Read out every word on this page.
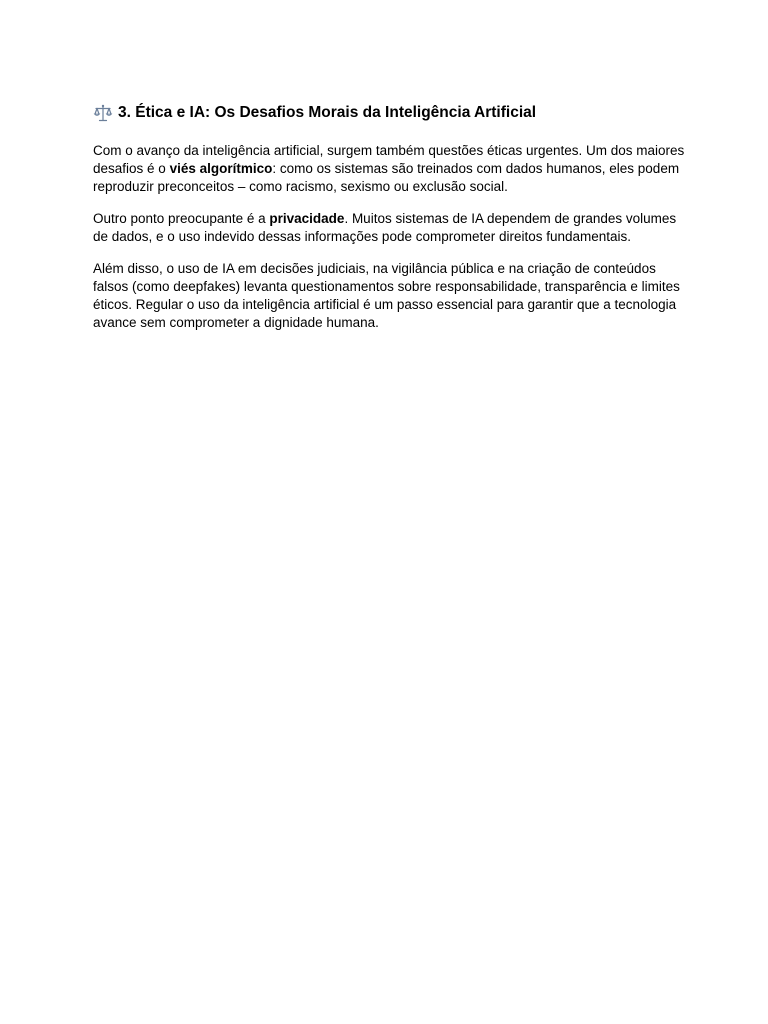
3. Ética e IA: Os Desafios Morais da Inteligência Artificial

Com o avanço da inteligência artificial, surgem também questões éticas urgentes. Um dos maiores desafios é o viés algorítmico: como os sistemas são treinados com dados humanos, eles podem reproduzir preconceitos – como racismo, sexismo ou exclusão social.

Outro ponto preocupante é a privacidade. Muitos sistemas de IA dependem de grandes volumes de dados, e o uso indevido dessas informações pode comprometer direitos fundamentais.

Além disso, o uso de IA em decisões judiciais, na vigilância pública e na criação de conteúdos falsos (como deepfakes) levanta questionamentos sobre responsabilidade, transparência e limites éticos. Regular o uso da inteligência artificial é um passo essencial para garantir que a tecnologia avance sem comprometer a dignidade humana.
